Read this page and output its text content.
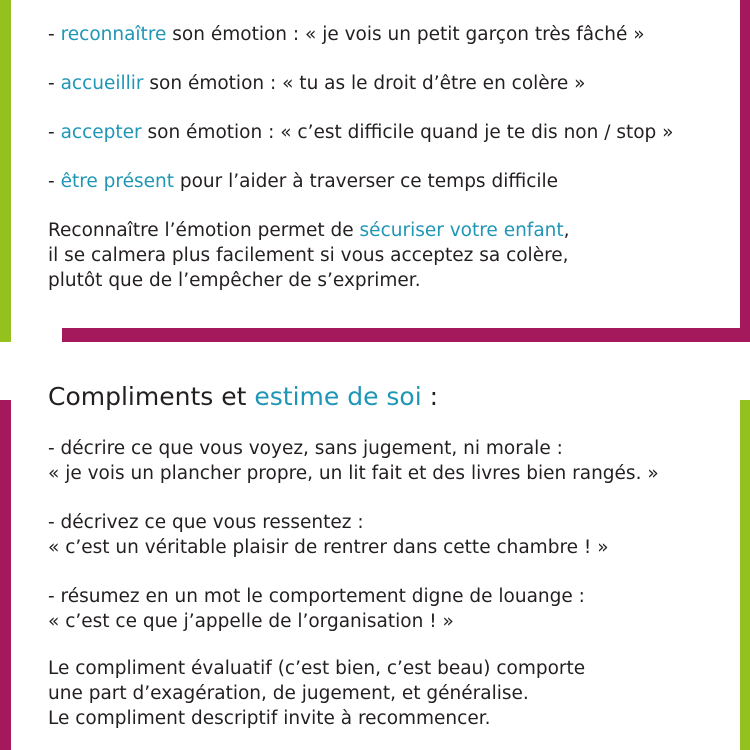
- reconnaître son émotion : « je vois un petit garçon très fâché »
- accueillir son émotion : « tu as le droit d’être en colère »
- accepter son émotion : « c’est difficile quand je te dis non / stop »
- être présent pour l’aider à traverser ce temps difficile
Reconnaître l’émotion permet de sécuriser votre enfant,
il se calmera plus facilement si vous acceptez sa colère,
plutôt que de l’empêcher de s’exprimer.
Compliments et estime de soi :
- décrire ce que vous voyez, sans jugement, ni morale :
« je vois un plancher propre, un lit fait et des livres bien rangés. »
- décrivez ce que vous ressentez :
« c’est un véritable plaisir de rentrer dans cette chambre ! »
- résumez en un mot le comportement digne de louange :
« c’est ce que j’appelle de l’organisation ! »
Le compliment évaluatif (c’est bien, c’est beau) comporte
une part d’exagération, de jugement, et généralise.
Le compliment descriptif invite à recommencer.
